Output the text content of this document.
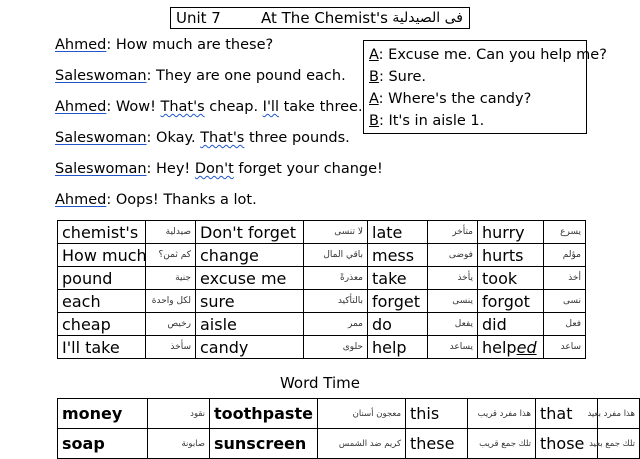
Unit 7	At The Chemist's فى الصيدلية
Ahmed: How much are these?
Saleswoman: They are one pound each.
Ahmed: Wow! That's cheap. I'll take three.
Saleswoman: Okay. That's three pounds.
Saleswoman: Hey! Don't forget your change!
Ahmed: Oops! Thanks a lot.
A: Excuse me. Can you help me?
B: Sure.
A: Where's the candy?
B: It's in aisle 1.
chemist's	صيدلية	Don't forget	لا تنسى	late	متأخر	hurry	يسرع
How much	كم ثمن؟	change	باقي المال	mess	فوضى	hurts	مؤلم
pound	جنية	excuse me	معذرةً	take	يأخذ	took	أخذ
each	لكل واحدة	sure	بالتأكيد	forget	ينسى	forgot	نسى
cheap	رخيص	aisle	ممر	do	يفعل	did	فعل
I'll take	سأخذ	candy	حلوى	help	يساعد	helped	ساعد
Word Time
money	نقود	toothpaste	معجون أسنان	this	هذا مفرد قريب	that	هذا مفرد بعيد
soap	صابونة	sunscreen	كريم ضد الشمس	these	تلك جمع قريب	those	تلك جمع بعيد
